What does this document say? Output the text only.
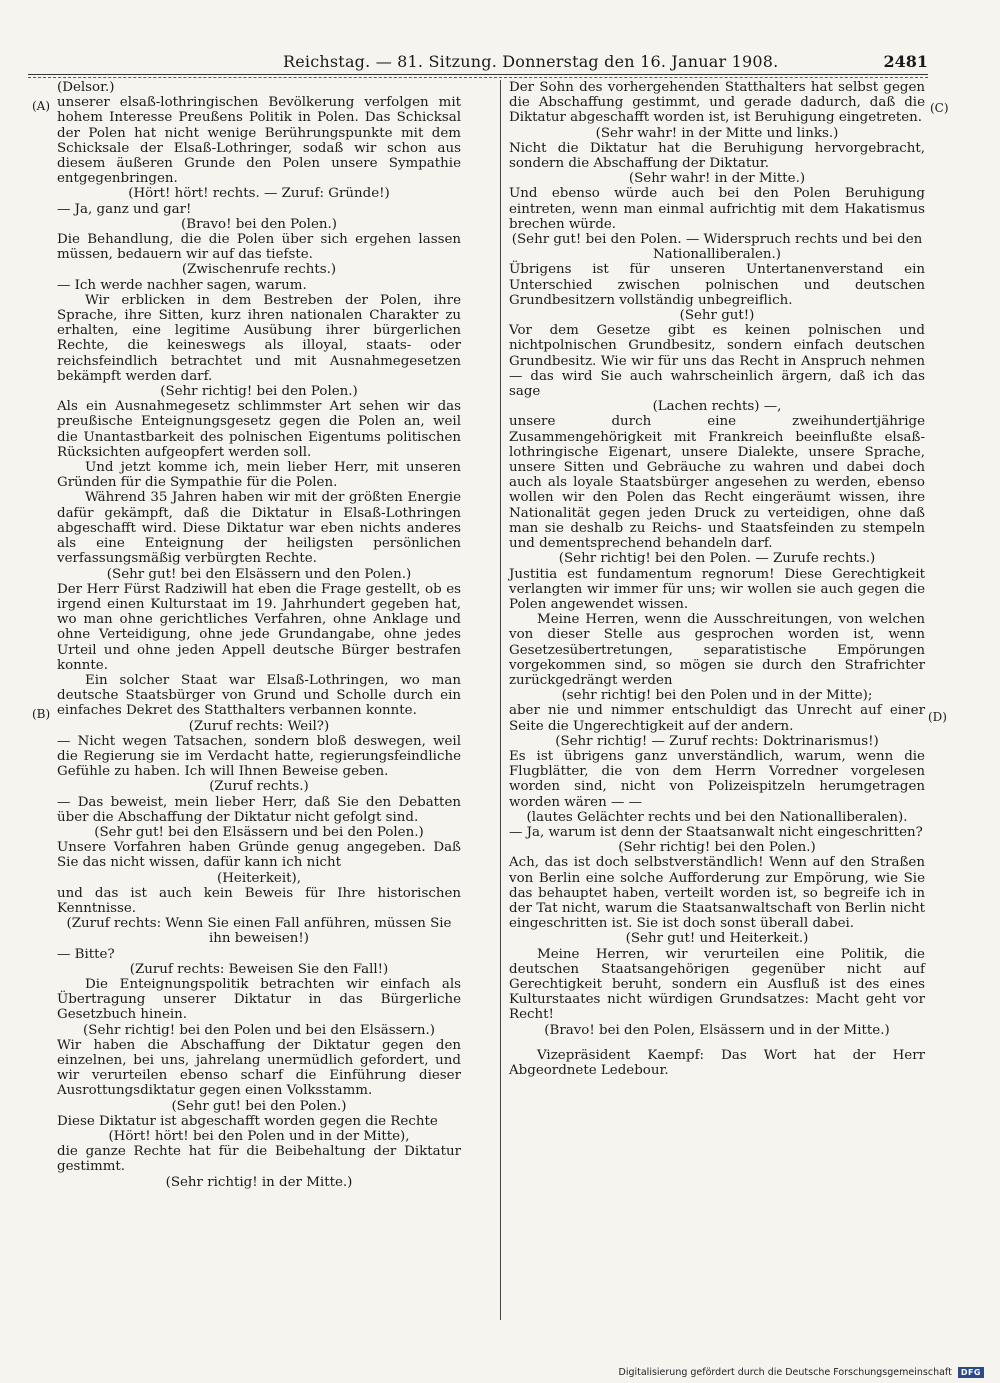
Reichstag. — 81. Sitzung. Donnerstag den 16. Januar 1908.	2481
(A)
(B)
(C)
(D)

(Delsor.)

unserer elsaß-lothringischen Bevölkerung verfolgen mit hohem Interesse Preußens Politik in Polen. Das Schicksal der Polen hat nicht wenige Berührungspunkte mit dem Schicksale der Elsaß-Lothringer, sodaß wir schon aus diesem äußeren Grunde den Polen unsere Sympathie entgegenbringen.

(Hört! hört! rechts. — Zuruf: Gründe!)

— Ja, ganz und gar!

(Bravo! bei den Polen.)

Die Behandlung, die die Polen über sich ergehen lassen müssen, bedauern wir auf das tiefste.

(Zwischenrufe rechts.)

— Ich werde nachher sagen, warum.

Wir erblicken in dem Bestreben der Polen, ihre Sprache, ihre Sitten, kurz ihren nationalen Charakter zu erhalten, eine legitime Ausübung ihrer bürgerlichen Rechte, die keineswegs als illoyal, staats- oder reichsfeindlich betrachtet und mit Ausnahmegesetzen bekämpft werden darf.

(Sehr richtig! bei den Polen.)

Als ein Ausnahmegesetz schlimmster Art sehen wir das preußische Enteignungsgesetz gegen die Polen an, weil die Unantastbarkeit des polnischen Eigentums politischen Rücksichten aufgeopfert werden soll.

Und jetzt komme ich, mein lieber Herr, mit unseren Gründen für die Sympathie für die Polen.

Während 35 Jahren haben wir mit der größten Energie dafür gekämpft, daß die Diktatur in Elsaß-Lothringen abgeschafft wird. Diese Diktatur war eben nichts anderes als eine Enteignung der heiligsten persönlichen verfassungsmäßig verbürgten Rechte.

(Sehr gut! bei den Elsässern und den Polen.)

Der Herr Fürst Radziwill hat eben die Frage gestellt, ob es irgend einen Kulturstaat im 19. Jahrhundert gegeben hat, wo man ohne gerichtliches Verfahren, ohne Anklage und ohne Verteidigung, ohne jede Grundangabe, ohne jedes Urteil und ohne jeden Appell deutsche Bürger bestrafen konnte.

Ein solcher Staat war Elsaß-Lothringen, wo man deutsche Staatsbürger von Grund und Scholle durch ein einfaches Dekret des Statthalters verbannen konnte.

(Zuruf rechts: Weil?)

— Nicht wegen Tatsachen, sondern bloß deswegen, weil die Regierung sie im Verdacht hatte, regierungsfeindliche Gefühle zu haben. Ich will Ihnen Beweise geben.

(Zuruf rechts.)

— Das beweist, mein lieber Herr, daß Sie den Debatten über die Abschaffung der Diktatur nicht gefolgt sind.

(Sehr gut! bei den Elsässern und bei den Polen.)

Unsere Vorfahren haben Gründe genug angegeben. Daß Sie das nicht wissen, dafür kann ich nicht

(Heiterkeit),

und das ist auch kein Beweis für Ihre historischen Kenntnisse.

(Zuruf rechts: Wenn Sie einen Fall anführen, müssen Sie ihn beweisen!)

— Bitte?

(Zuruf rechts: Beweisen Sie den Fall!)

Die Enteignungspolitik betrachten wir einfach als Übertragung unserer Diktatur in das Bürgerliche Gesetzbuch hinein.

(Sehr richtig! bei den Polen und bei den Elsässern.)

Wir haben die Abschaffung der Diktatur gegen den einzelnen, bei uns, jahrelang unermüdlich gefordert, und wir verurteilen ebenso scharf die Einführung dieser Ausrottungsdiktatur gegen einen Volksstamm.

(Sehr gut! bei den Polen.)

Diese Diktatur ist abgeschafft worden gegen die Rechte

(Hört! hört! bei den Polen und in der Mitte),

die ganze Rechte hat für die Beibehaltung der Diktatur gestimmt.

(Sehr richtig! in der Mitte.)

Der Sohn des vorhergehenden Statthalters hat selbst gegen die Abschaffung gestimmt, und gerade dadurch, daß die Diktatur abgeschafft worden ist, ist Beruhigung eingetreten.

(Sehr wahr! in der Mitte und links.)

Nicht die Diktatur hat die Beruhigung hervorgebracht, sondern die Abschaffung der Diktatur.

(Sehr wahr! in der Mitte.)

Und ebenso würde auch bei den Polen Beruhigung eintreten, wenn man einmal aufrichtig mit dem Hakatismus brechen würde.

(Sehr gut! bei den Polen. — Widerspruch rechts und bei den Nationalliberalen.)

Übrigens ist für unseren Untertanenverstand ein Unterschied zwischen polnischen und deutschen Grundbesitzern vollständig unbegreiflich.

(Sehr gut!)

Vor dem Gesetze gibt es keinen polnischen und nichtpolnischen Grundbesitz, sondern einfach deutschen Grundbesitz. Wie wir für uns das Recht in Anspruch nehmen — das wird Sie auch wahrscheinlich ärgern, daß ich das sage

(Lachen rechts) —,

unsere durch eine zweihundertjährige Zusammengehörigkeit mit Frankreich beeinflußte elsaß-lothringische Eigenart, unsere Dialekte, unsere Sprache, unsere Sitten und Gebräuche zu wahren und dabei doch auch als loyale Staatsbürger angesehen zu werden, ebenso wollen wir den Polen das Recht eingeräumt wissen, ihre Nationalität gegen jeden Druck zu verteidigen, ohne daß man sie deshalb zu Reichs- und Staatsfeinden zu stempeln und dementsprechend behandeln darf.

(Sehr richtig! bei den Polen. — Zurufe rechts.)

Justitia est fundamentum regnorum! Diese Gerechtigkeit verlangten wir immer für uns; wir wollen sie auch gegen die Polen angewendet wissen.

Meine Herren, wenn die Ausschreitungen, von welchen von dieser Stelle aus gesprochen worden ist, wenn Gesetzesübertretungen, separatistische Empörungen vorgekommen sind, so mögen sie durch den Strafrichter zurückgedrängt werden

(sehr richtig! bei den Polen und in der Mitte);

aber nie und nimmer entschuldigt das Unrecht auf einer Seite die Ungerechtigkeit auf der andern.

(Sehr richtig! — Zuruf rechts: Doktrinarismus!)

Es ist übrigens ganz unverständlich, warum, wenn die Flugblätter, die von dem Herrn Vorredner vorgelesen worden sind, nicht von Polizeispitzeln herumgetragen worden wären — —

(lautes Gelächter rechts und bei den Nationalliberalen).

— Ja, warum ist denn der Staatsanwalt nicht eingeschritten?

(Sehr richtig! bei den Polen.)

Ach, das ist doch selbstverständlich! Wenn auf den Straßen von Berlin eine solche Aufforderung zur Empörung, wie Sie das behauptet haben, verteilt worden ist, so begreife ich in der Tat nicht, warum die Staatsanwaltschaft von Berlin nicht eingeschritten ist. Sie ist doch sonst überall dabei.

(Sehr gut! und Heiterkeit.)

Meine Herren, wir verurteilen eine Politik, die deutschen Staatsangehörigen gegenüber nicht auf Gerechtigkeit beruht, sondern ein Ausfluß ist des eines Kulturstaates nicht würdigen Grundsatzes: Macht geht vor Recht!

(Bravo! bei den Polen, Elsässern und in der Mitte.)

Vizepräsident Kaempf: Das Wort hat der Herr Abgeordnete Ledebour.

Digitalisierung gefördert durch die Deutsche Forschungsgemeinschaft	DFG
